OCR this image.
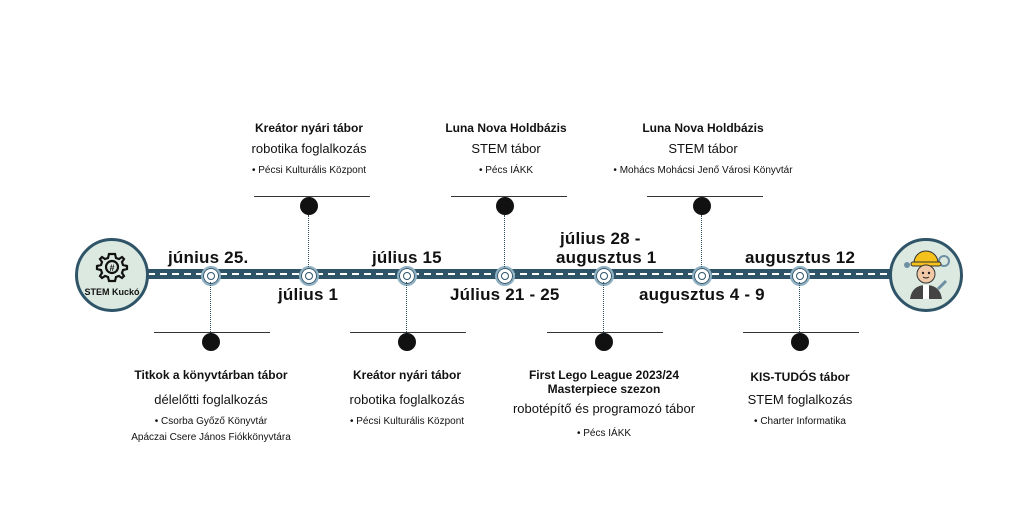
#
STEM Kuckó
június 25.
július 1
július 15
Július 21 - 25
július 28 -
augusztus 1
augusztus 4 - 9
augusztus 12
Kreátor nyári tábor
robotika foglalkozás
• Pécsi Kulturális Központ
Luna Nova Holdbázis
STEM tábor
• Pécs IÁKK
Luna Nova Holdbázis
STEM tábor
• Mohács Mohácsi Jenő Városi Könyvtár
Titkok a könyvtárban tábor
délelőtti foglalkozás
• Csorba Győző Könyvtár
Apáczai Csere János Fiókkönyvtára
Kreátor nyári tábor
robotika foglalkozás
• Pécsi Kulturális Központ
First Lego League 2023/24
Masterpiece szezon
robotépítő és programozó tábor
• Pécs IÁKK
KIS-TUDÓS tábor
STEM foglalkozás
• Charter Informatika
